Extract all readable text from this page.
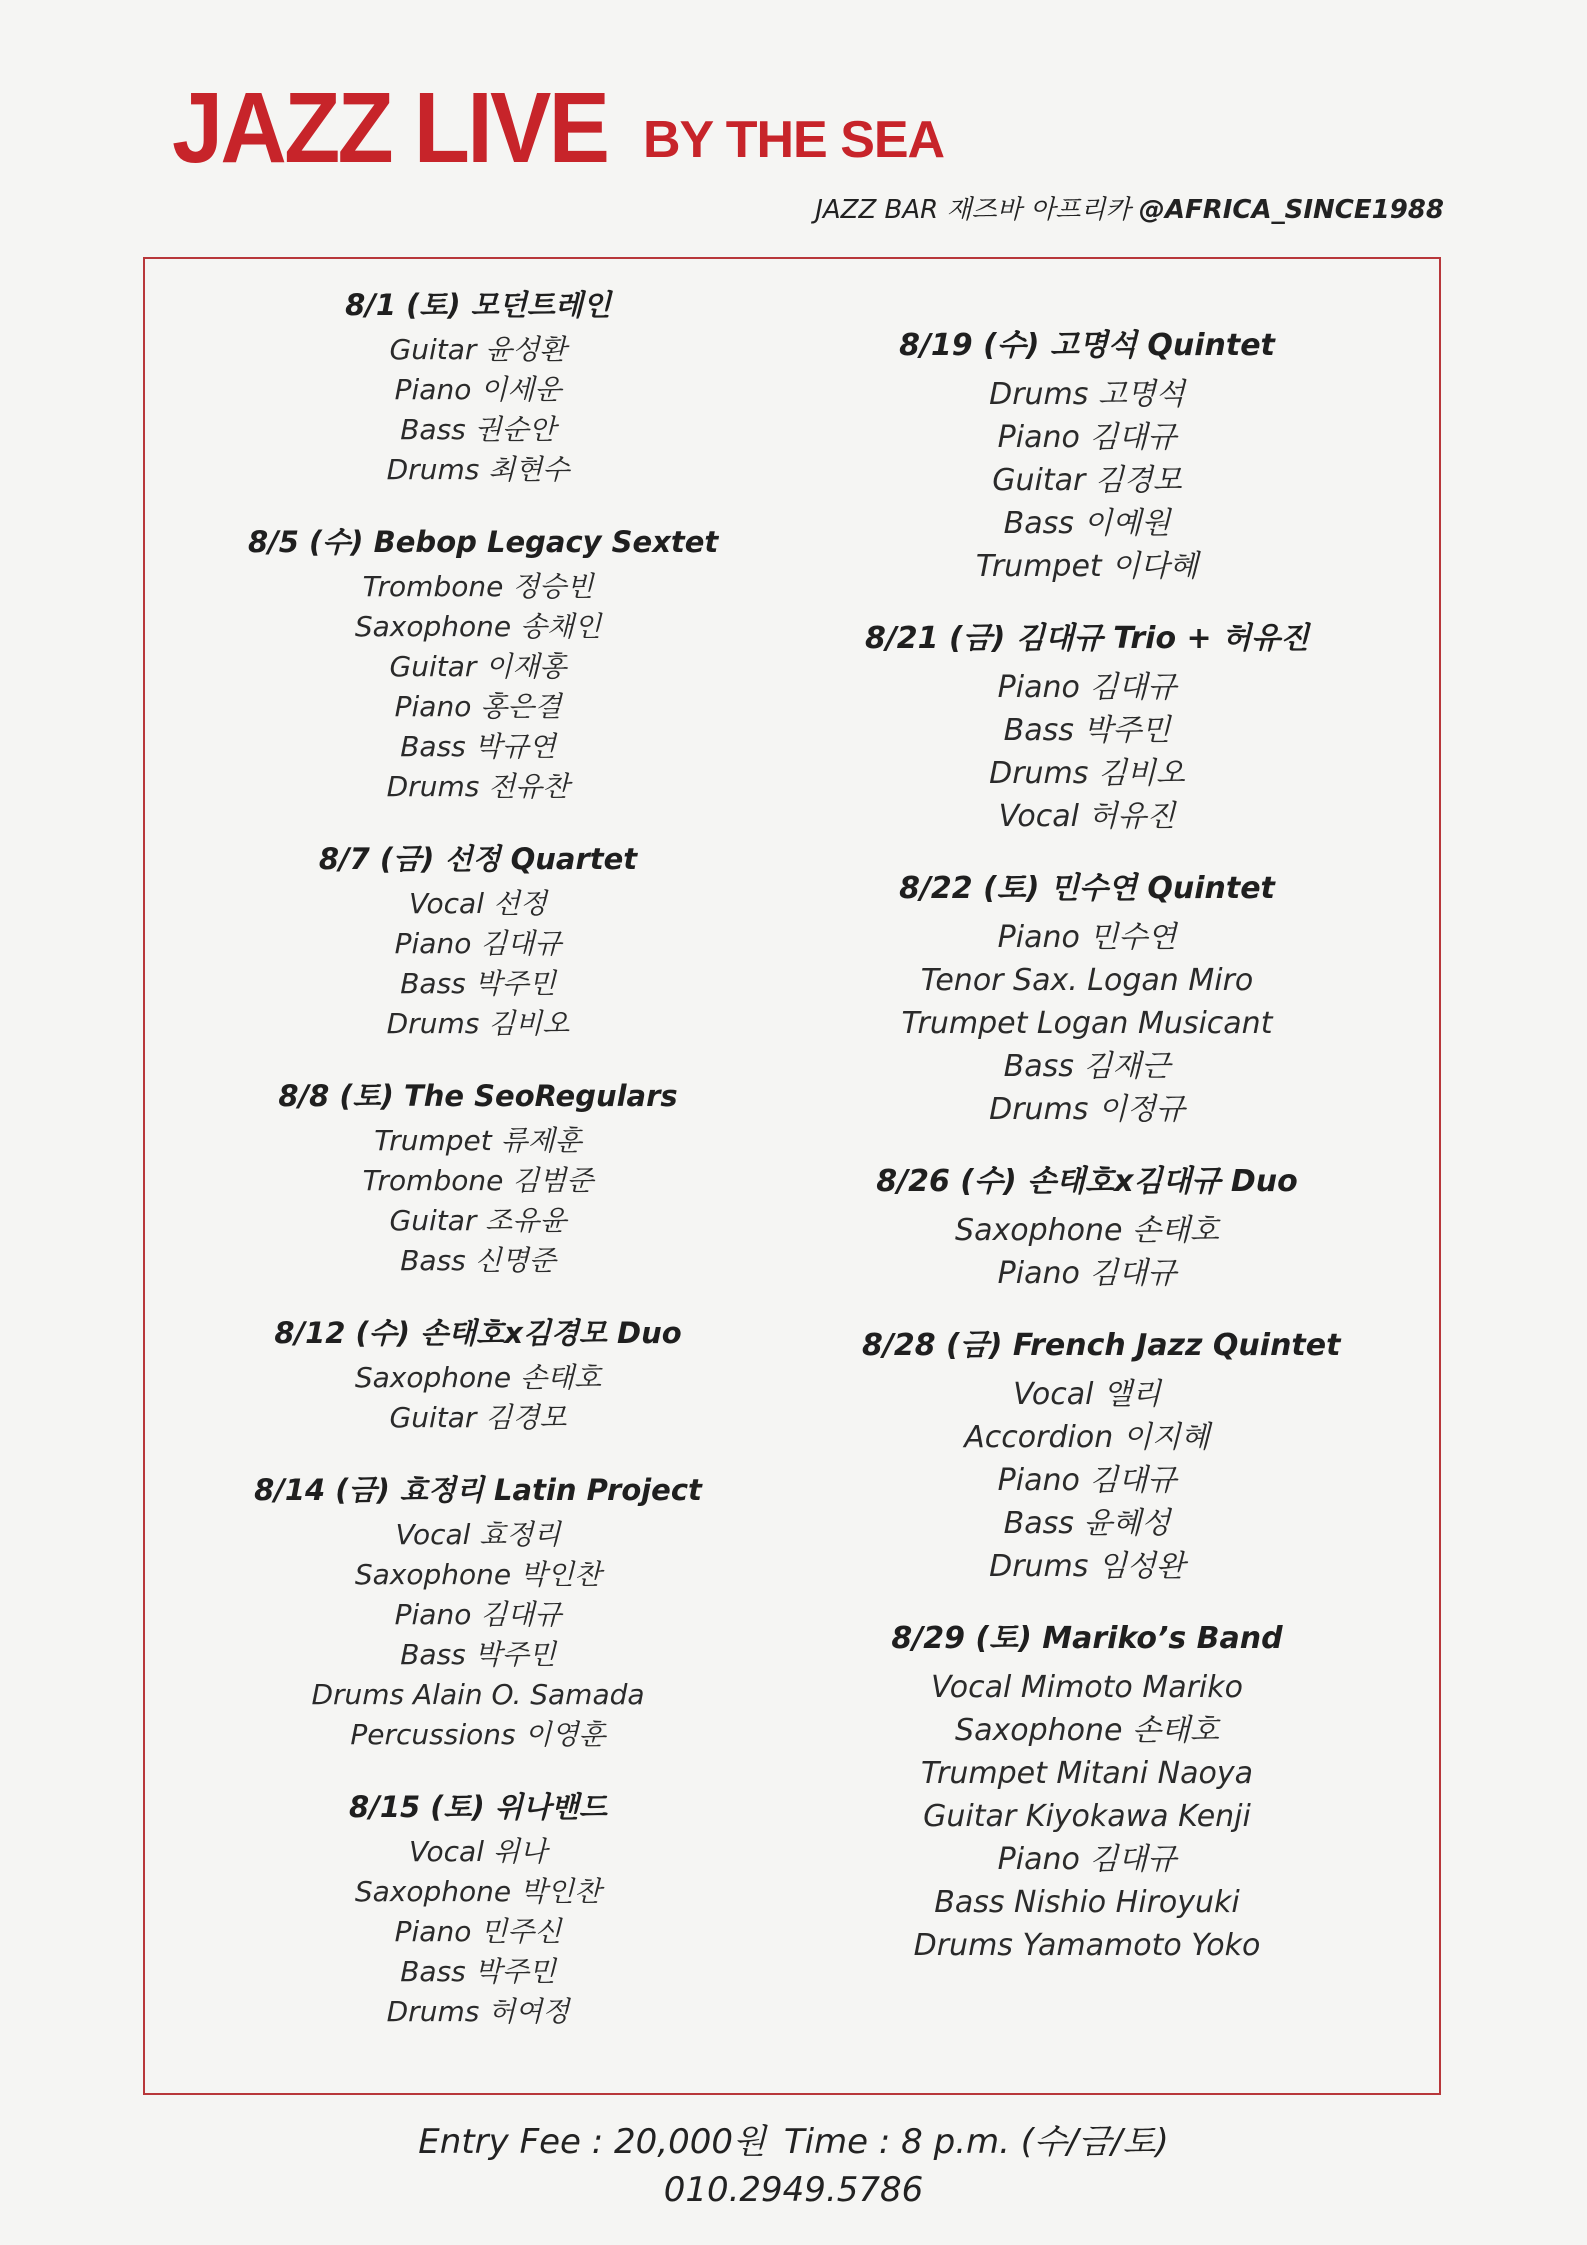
JAZZ LIVE BY THE SEA
JAZZ BAR 재즈바 아프리카 @AFRICA_SINCE1988
8/1 (토) 모던트레인
Guitar 윤성환
Piano 이세운
Bass 권순안
Drums 최현수
8/5 (수) Bebop Legacy Sextet
Trombone 정승빈
Saxophone 송채인
Guitar 이재홍
Piano 홍은결
Bass 박규연
Drums 전유찬
8/7 (금) 선정 Quartet
Vocal 선정
Piano 김대규
Bass 박주민
Drums 김비오
8/8 (토) The SeoRegulars
Trumpet 류제훈
Trombone 김범준
Guitar 조유윤
Bass 신명준
8/12 (수) 손태호x김경모 Duo
Saxophone 손태호
Guitar 김경모
8/14 (금) 효정리 Latin Project
Vocal 효정리
Saxophone 박인찬
Piano 김대규
Bass 박주민
Drums Alain O. Samada
Percussions 이영훈
8/15 (토) 위나밴드
Vocal 위나
Saxophone 박인찬
Piano 민주신
Bass 박주민
Drums 허여정
8/19 (수) 고명석 Quintet
Drums 고명석
Piano 김대규
Guitar 김경모
Bass 이예원
Trumpet 이다혜
8/21 (금) 김대규 Trio + 허유진
Piano 김대규
Bass 박주민
Drums 김비오
Vocal 허유진
8/22 (토) 민수연 Quintet
Piano 민수연
Tenor Sax. Logan Miro
Trumpet Logan Musicant
Bass 김재근
Drums 이정규
8/26 (수) 손태호x김대규 Duo
Saxophone 손태호
Piano 김대규
8/28 (금) French Jazz Quintet
Vocal 앨리
Accordion 이지혜
Piano 김대규
Bass 윤혜성
Drums 임성완
8/29 (토) Mariko’s Band
Vocal Mimoto Mariko
Saxophone 손태호
Trumpet Mitani Naoya
Guitar Kiyokawa Kenji
Piano 김대규
Bass Nishio Hiroyuki
Drums Yamamoto Yoko
Entry Fee : 20,000원 Time : 8 p.m. (수/금/토)
010.2949.5786
